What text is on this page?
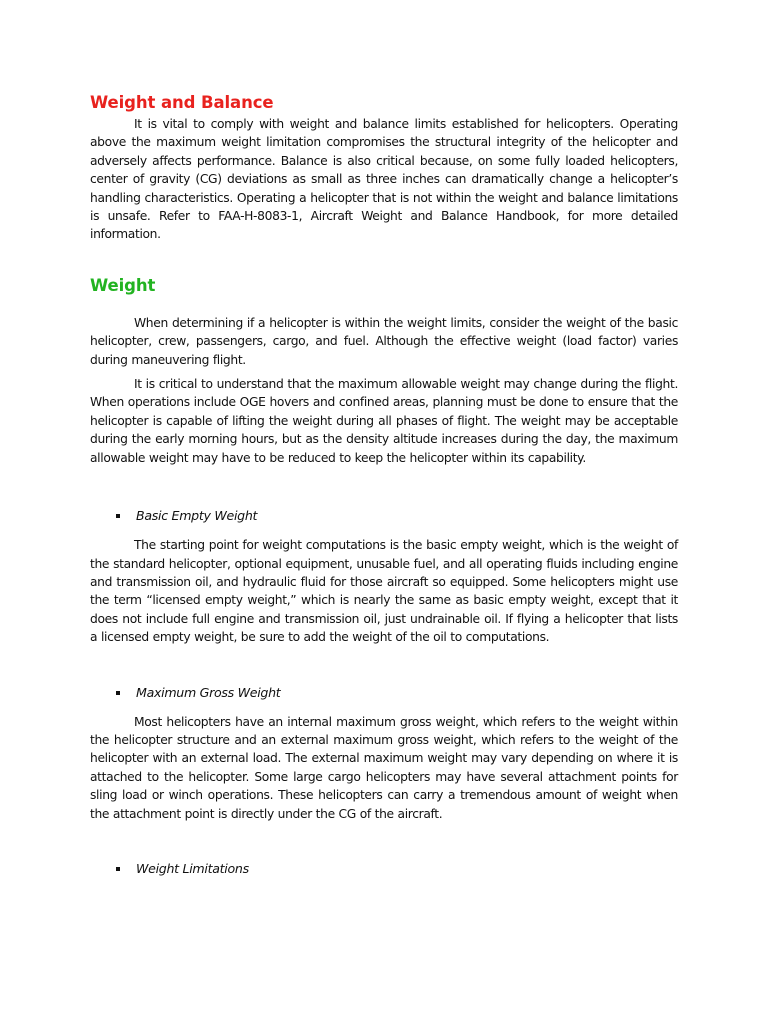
Weight and Balance

It is vital to comply with weight and balance limits established for helicopters. Operating above the maximum weight limitation compromises the structural integrity of the helicopter and adversely affects performance. Balance is also critical because, on some fully loaded helicopters, center of gravity (CG) deviations as small as three inches can dramatically change a helicopter’s handling characteristics. Operating a helicopter that is not within the weight and balance limitations is unsafe. Refer to FAA-H-8083-1, Aircraft Weight and Balance Handbook, for more detailed information.

Weight

When determining if a helicopter is within the weight limits, consider the weight of the basic helicopter, crew, passengers, cargo, and fuel. Although the effective weight (load factor) varies during maneuvering flight.

It is critical to understand that the maximum allowable weight may change during the flight. When operations include OGE hovers and confined areas, planning must be done to ensure that the helicopter is capable of lifting the weight during all phases of flight. The weight may be acceptable during the early morning hours, but as the density altitude increases during the day, the maximum allowable weight may have to be reduced to keep the helicopter within its capability.

Basic Empty Weight

The starting point for weight computations is the basic empty weight, which is the weight of the standard helicopter, optional equipment, unusable fuel, and all operating fluids including engine and transmission oil, and hydraulic fluid for those aircraft so equipped. Some helicopters might use the term “licensed empty weight,” which is nearly the same as basic empty weight, except that it does not include full engine and transmission oil, just undrainable oil. If flying a helicopter that lists a licensed empty weight, be sure to add the weight of the oil to computations.

Maximum Gross Weight

Most helicopters have an internal maximum gross weight, which refers to the weight within the helicopter structure and an external maximum gross weight, which refers to the weight of the helicopter with an external load. The external maximum weight may vary depending on where it is attached to the helicopter. Some large cargo helicopters may have several attachment points for sling load or winch operations. These helicopters can carry a tremendous amount of weight when the attachment point is directly under the CG of the aircraft.

Weight Limitations
